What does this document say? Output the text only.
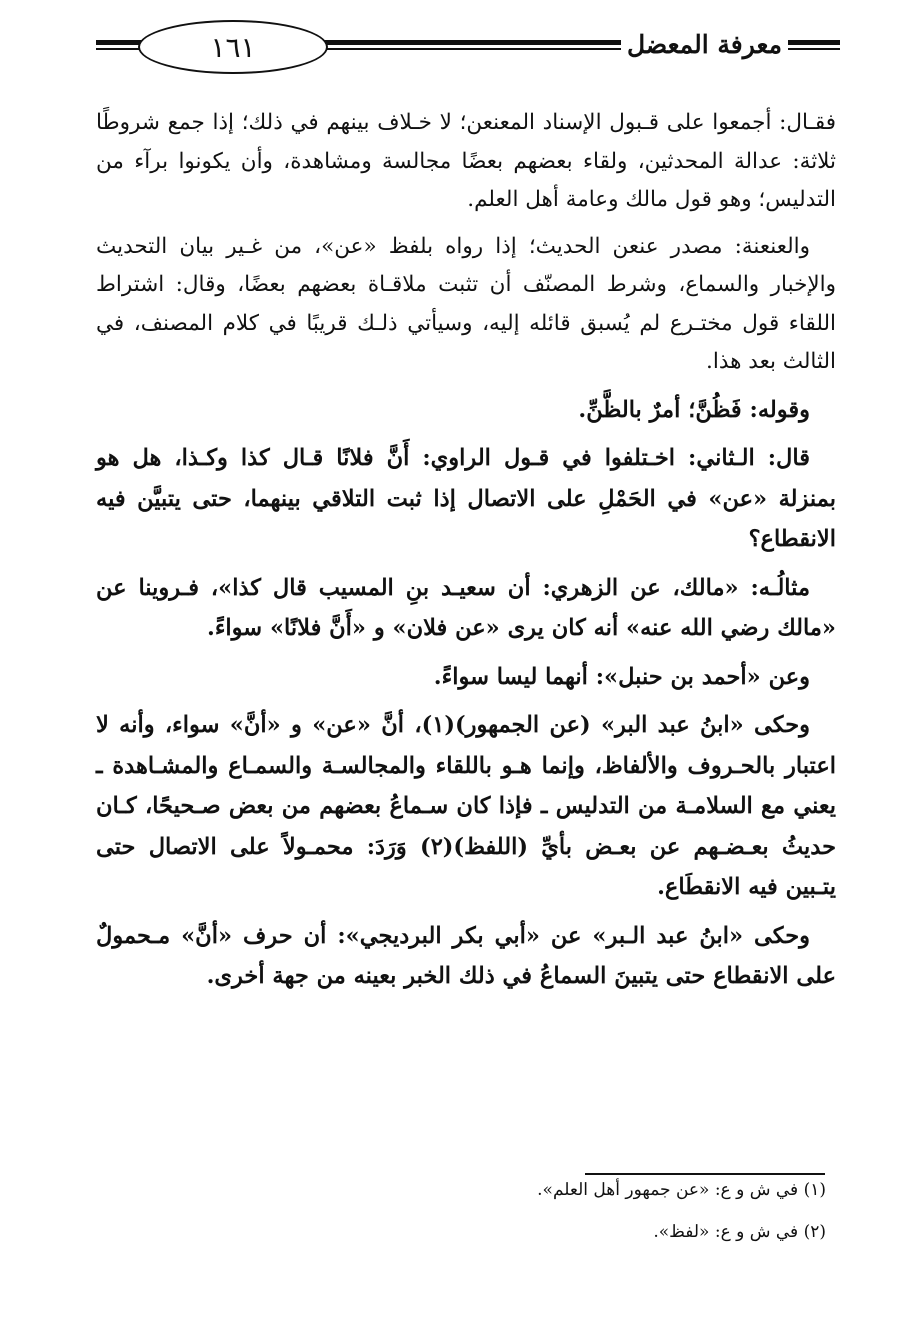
١٦١	معرفة المعضل

فقـال: أجمعوا على قـبول الإسناد المعنعن؛ لا خـلاف بينهم في ذلك؛ إذا جمع شروطًا ثلاثة: عدالة المحدثين، ولقاء بعضهم بعضًا مجالسة ومشاهدة، وأن يكونوا برآء من التدليس؛ وهو قول مالك وعامة أهل العلم.

والعنعنة: مصدر عنعن الحديث؛ إذا رواه بلفظ «عن»، من غـير بيان التحديث والإخبار والسماع، وشرط المصنّف أن تثبت ملاقـاة بعضهم بعضًا، وقال: اشتراط اللقاء قول مختـرع لم يُسبق قائله إليه، وسيأتي ذلـك قريبًا في كلام المصنف، في الثالث بعد هذا.

وقوله: فَظُنَّ؛ أمرٌ بالظَّنِّ.

قال: الـثاني: اخـتلفوا في قـول الراوي: أَنَّ فلانًا قـال كذا وكـذا، هل هو بمنزلة «عن» في الحَمْلِ على الاتصال إذا ثبت التلاقي بينهما، حتى يتبيَّن فيه الانقطاع؟

مثالُـه: «مالك، عن الزهري: أن سعيـد بنِ المسيب قال كذا»، فـروينا عن «مالك رضي الله عنه» أنه كان يرى «عن فلان» و «أَنَّ فلانًا» سواءً.

وعن «أحمد بن حنبل»: أنهما ليسا سواءً.

وحكى «ابنُ عبد البر» (عن الجمهور)(١)، أنَّ «عن» و «أنَّ» سواء، وأنه لا اعتبار بالحـروف والألفاظ، وإنما هـو باللقاء والمجالسـة والسمـاع والمشـاهدة ـ يعني مع السلامـة من التدليس ـ فإذا كان سـماعُ بعضهم من بعض صـحيحًا، كـان حديثُ بعـضـهم عن بعـض بأيِّ (اللفظ)(٢) وَرَدَ: محمـولاً على الاتصال حتى يتـبين فيه الانقطَاع.

وحكى «ابنُ عبد الـبر» عن «أبي بكر البرديجي»: أن حرف «أنَّ» مـحمولٌ على الانقطاع حتى يتبينَ السماعُ في ذلك الخبر بعينه من جهة أخرى.

(١) في ش و ع: «عن جمهور أهل العلم».

(٢) في ش و ع: «لفظ».
